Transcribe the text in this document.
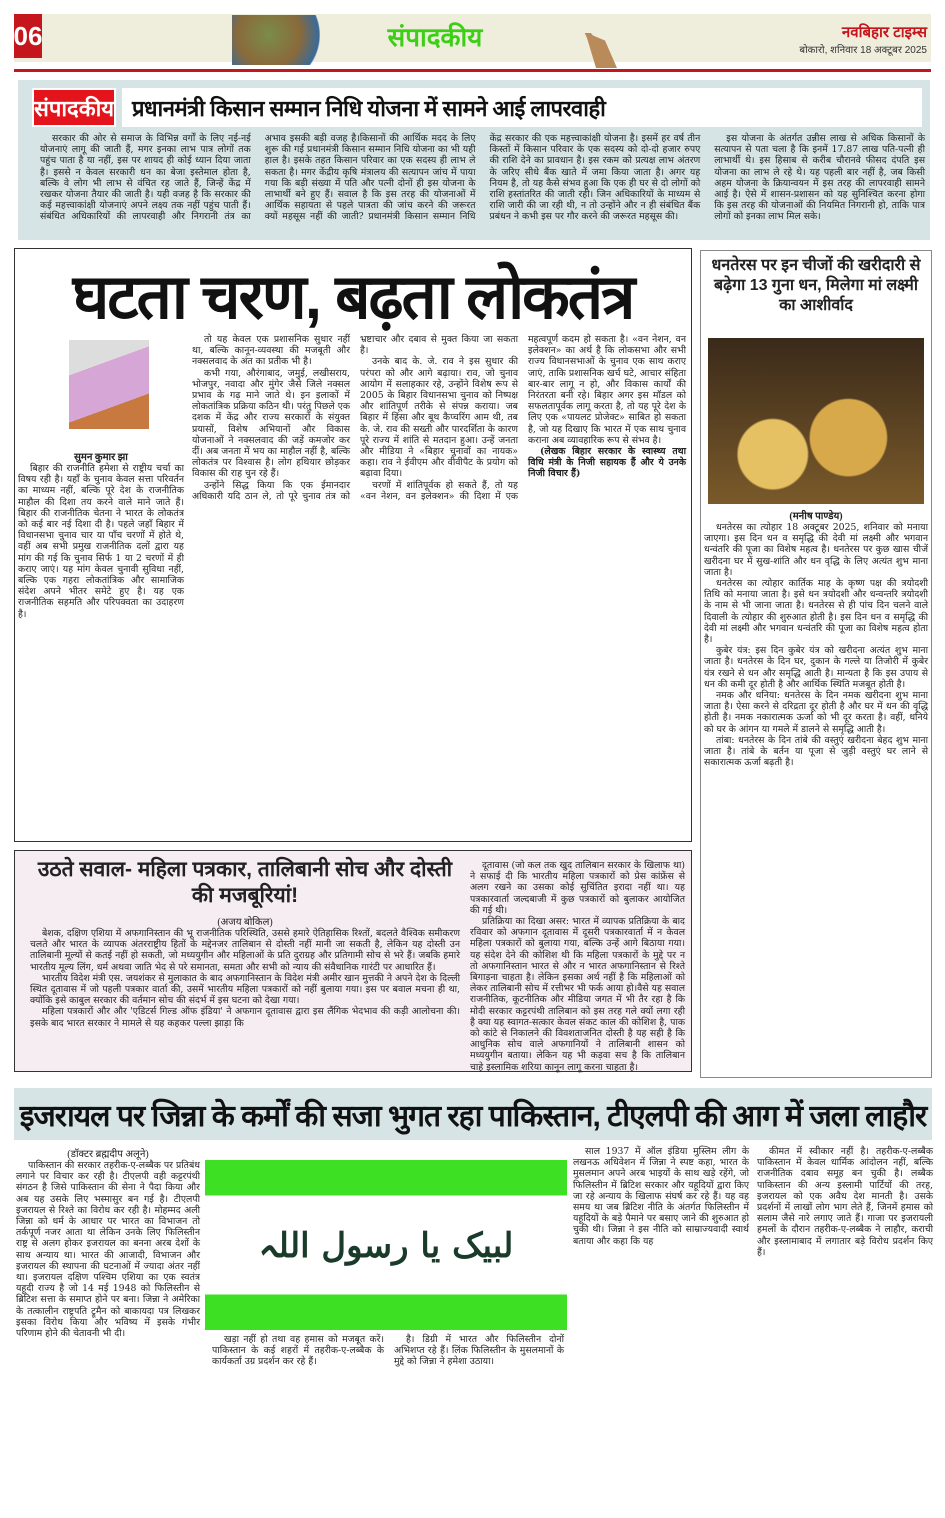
06	संपादकीय	नवबिहार टाइम्स
बोकारो, शनिवार 18 अक्टूबर 2025
संपादकीय प्रधानमंत्री किसान सम्मान निधि योजना में सामने आई लापरवाही

सरकार की ओर से समाज के विभिन्न वर्गों के लिए नई-नई योजनाएं लागू की जाती हैं, मगर इनका लाभ पात्र लोगों तक पहुंच पाता है या नहीं, इस पर शायद ही कोई ध्यान दिया जाता है। इससे न केवल सरकारी धन का बेजा इस्तेमाल होता है, बल्कि वे लोग भी लाभ से वंचित रह जाते हैं, जिन्हें केंद्र में रखकर योजना तैयार की जाती है। यही वजह है कि सरकार की कई महत्त्वाकांक्षी योजनाएं अपने लक्ष्य तक नहीं पहुंच पाती हैं। संबंधित अधिकारियों की लापरवाही और निगरानी तंत्र का अभाव इसकी बड़ी वजह है।किसानों की आर्थिक मदद के लिए शुरू की गई प्रधानमंत्री किसान सम्मान निधि योजना का भी यही हाल है। इसके तहत किसान परिवार का एक सदस्य ही लाभ ले सकता है। मगर केंद्रीय कृषि मंत्रालय की सत्यापन जांच में पाया गया कि बड़ी संख्या में पति और पत्नी दोनों ही इस योजना के लाभार्थी बने हुए हैं। सवाल है कि इस तरह की योजनाओं में आर्थिक सहायता से पहले पात्रता की जांच करने की जरूरत क्यों महसूस नहीं की जाती? प्रधानमंत्री किसान सम्मान निधि केंद्र सरकार की एक महत्त्वाकांक्षी योजना है। इसमें हर वर्ष तीन किस्तों में किसान परिवार के एक सदस्य को दो-दो हजार रुपए की राशि देने का प्रावधान है। इस रकम को प्रत्यक्ष लाभ अंतरण के जरिए सीधे बैंक खाते में जमा किया जाता है। अगर यह नियम है, तो यह कैसे संभव हुआ कि एक ही घर से दो लोगों को राशि हस्तांतरित की जाती रही। जिन अधिकारियों के माध्यम से राशि जारी की जा रही थी, न तो उन्होंने और न ही संबंधित बैंक प्रबंधन ने कभी इस पर गौर करने की जरूरत महसूस की।

इस योजना के अंतर्गत उन्नीस लाख से अधिक किसानों के सत्यापन से पता चला है कि इनमें 17.87 लाख पति-पत्नी ही लाभार्थी थे। इस हिसाब से करीब चौरानवे फीसद दंपति इस योजना का लाभ ले रहे थे। यह पहली बार नहीं है, जब किसी अहम योजना के क्रियान्वयन में इस तरह की लापरवाही सामने आई है। ऐसे में शासन-प्रशासन को यह सुनिश्चित करना होगा कि इस तरह की योजनाओं की नियमित निगरानी हो, ताकि पात्र लोगों को इनका लाभ मिल सके।

घटता चरण, बढ़ता लोकतंत्र
सुमन कुमार झा

बिहार की राजनीति हमेशा से राष्ट्रीय चर्चा का विषय रही है। यहाँ के चुनाव केवल सत्ता परिवर्तन का माध्यम नहीं, बल्कि पूरे देश के राजनीतिक माहौल की दिशा तय करने वाले माने जाते हैं। बिहार की राजनीतिक चेतना ने भारत के लोकतंत्र को कई बार नई दिशा दी है। पहले जहाँ बिहार में विधानसभा चुनाव चार या पाँच चरणों में होते थे, वहीं अब सभी प्रमुख राजनीतिक दलों द्वारा यह मांग की गई कि चुनाव सिर्फ 1 या 2 चरणों में ही कराए जाएं। यह मांग केवल चुनावी सुविधा नहीं, बल्कि एक गहरा लोकतांत्रिक और सामाजिक संदेश अपने भीतर समेटे हुए है। यह एक राजनीतिक सहमति और परिपक्वता का उदाहरण है।

तो यह केवल एक प्रशासनिक सुधार नहीं था, बल्कि कानून-व्यवस्था की मजबूती और नक्सलवाद के अंत का प्रतीक भी है।

कभी गया, औरंगाबाद, जमुई, लखीसराय, भोजपुर, नवादा और मुंगेर जैसे जिले नक्सल प्रभाव के गढ़ माने जाते थे। इन इलाकों में लोकतांत्रिक प्रक्रिया कठिन थी। परंतु पिछले एक दशक में केंद्र और राज्य सरकारों के संयुक्त प्रयासों, विशेष अभियानों और विकास योजनाओं ने नक्सलवाद की जड़ें कमजोर कर दीं। अब जनता में भय का माहौल नहीं है, बल्कि लोकतंत्र पर विश्वास है। लोग हथियार छोड़कर विकास की राह चुन रहे हैं।

उन्होंने सिद्ध किया कि एक ईमानदार अधिकारी यदि ठान ले, तो पूरे चुनाव तंत्र को भ्रष्टाचार और दबाव से मुक्त किया जा सकता है।

उनके बाद के. जे. राव ने इस सुधार की परंपरा को और आगे बढ़ाया। राव, जो चुनाव आयोग में सलाहकार रहे, उन्होंने विशेष रूप से 2005 के बिहार विधानसभा चुनाव को निष्पक्ष और शांतिपूर्ण तरीके से संपन्न कराया। जब बिहार में हिंसा और बूथ कैप्चरिंग आम थी, तब के. जे. राव की सख्ती और पारदर्शिता के कारण पूरे राज्य में शांति से मतदान हुआ। उन्हें जनता और मीडिया ने «बिहार चुनावों का नायक» कहा। राव ने ईवीएम और वीवीपैट के प्रयोग को बढ़ावा दिया।

चरणों में शांतिपूर्वक हो सकते हैं, तो यह «वन नेशन, वन इलेक्शन» की दिशा में एक महत्वपूर्ण कदम हो सकता है। «वन नेशन, वन इलेक्शन» का अर्थ है कि लोकसभा और सभी राज्य विधानसभाओं के चुनाव एक साथ कराए जाएं, ताकि प्रशासनिक खर्च घटे, आचार संहिता बार-बार लागू न हो, और विकास कार्यों की निरंतरता बनी रहे। बिहार अगर इस मॉडल को सफलतापूर्वक लागू करता है, तो यह पूरे देश के लिए एक «पायलट प्रोजेक्ट» साबित हो सकता है, जो यह दिखाए कि भारत में एक साथ चुनाव कराना अब व्यावहारिक रूप से संभव है।

(लेखक बिहार सरकार के स्वास्थ्य तथा विधि मंत्री के निजी सहायक हैं और ये उनके निजी विचार हैं)

धनतेरस पर इन चीजों की खरीदारी से बढ़ेगा 13 गुना धन, मिलेगा मां लक्ष्मी का आशीर्वाद
(मनीष पाण्डेय)

धनतेरस का त्योहार 18 अक्टूबर 2025, शनिवार को मनाया जाएगा। इस दिन धन व समृद्धि की देवी मां लक्ष्मी और भगवान धन्वंतरि की पूजा का विशेष महत्व है। धनतेरस पर कुछ खास चीजें खरीदना घर में सुख-शांति और धन वृद्धि के लिए अत्यंत शुभ माना जाता है।

धनतेरस का त्योहार कार्तिक माह के कृष्ण पक्ष की त्रयोदशी तिथि को मनाया जाता है। इसे धन त्रयोदशी और धन्वन्तरि त्रयोदशी के नाम से भी जाना जाता है। धनतेरस से ही पांच दिन चलने वाले दिवाली के त्योहार की शुरुआत होती है। इस दिन धन व समृद्धि की देवी मां लक्ष्मी और भगवान धन्वंतरि की पूजा का विशेष महत्व होता है।

कुबेर यंत्र: इस दिन कुबेर यंत्र को खरीदना अत्यंत शुभ माना जाता है। धनतेरस के दिन घर, दुकान के गल्ले या तिजोरी में कुबेर यंत्र रखने से धन और समृद्धि आती है। मान्यता है कि इस उपाय से धन की कमी दूर होती है और आर्थिक स्थिति मजबूत होती है।

नमक और धनिया: धनतेरस के दिन नमक खरीदना शुभ माना जाता है। ऐसा करने से दरिद्रता दूर होती है और घर में धन की वृद्धि होती है। नमक नकारात्मक ऊर्जा को भी दूर करता है। वहीं, धनिये को घर के आंगन या गमले में डालने से समृद्धि आती है।

तांबा: धनतेरस के दिन तांबे की वस्तुएं खरीदना बेहद शुभ माना जाता है। तांबे के बर्तन या पूजा से जुड़ी वस्तुएं घर लाने से सकारात्मक ऊर्जा बढ़ती है।

उठते सवाल- महिला पत्रकार, तालिबानी सोच और दोस्ती की मजबूरियां!
(अजय बोकिल)

बेशक, दक्षिण एशिया में अफगानिस्तान की भू राजनीतिक परिस्थिति, उससे हमारे ऐतिहासिक रिश्तों, बदलते वैश्विक समीकरण चलते और भारत के व्यापक अंतरराष्ट्रीय हितों के मद्देनजर तालिबान से दोस्ती नहीं मानी जा सकती है, लेकिन यह दोस्ती उन तालिबानी मूल्यों से कतई नहीं हो सकती, जो मध्ययुगीन और महिलाओं के प्रति दुराग्रह और प्रतिगामी सोच से भरे हैं। जबकि हमारे भारतीय मूल्य लिंग, धर्म अथवा जाति भेद से परे समानता, समता और सभी को न्याय की संवैधानिक गारंटी पर आधारित हैं।

भारतीय विदेश मंत्री एस. जयशंकर से मुलाकात के बाद अफगानिस्तान के विदेश मंत्री अमीर खान मुत्तकी ने अपने देश के दिल्ली स्थित दूतावास में जो पहली पत्रकार वार्ता की, उसमें भारतीय महिला पत्रकारों को नहीं बुलाया गया। इस पर बवाल मचना ही था, क्योंकि इसे काबुल सरकार की वर्तमान सोच की संदर्भ में इस घटना को देखा गया।

महिला पत्रकारों और और 'एडिटर्स गिल्ड ऑफ इंडिया' ने अफगान दूतावास द्वारा इस लैंगिक भेदभाव की कड़ी आलोचना की। इसके बाद भारत सरकार ने मामले से यह कहकर पल्ला झाड़ा कि

दूतावास (जो कल तक खुद तालिबान सरकार के खिलाफ था) ने सफाई दी कि भारतीय महिला पत्रकारों को प्रेस कांफ्रेंस से अलग रखने का उसका कोई सुचिंतित इरादा नहीं था। यह पत्रकारवार्ता जल्दबाजी में कुछ पत्रकारों को बुलाकर आयोजित की गई थी।

प्रतिक्रिया का दिखा असर: भारत में व्यापक प्रतिक्रिया के बाद रविवार को अफगान दूतावास में दूसरी पत्रकारवार्ता में न केवल महिला पत्रकारों को बुलाया गया, बल्कि उन्हें आगे बिठाया गया। यह संदेश देने की कोशिश थी कि महिला पत्रकारों के मुद्दे पर न तो अफगानिस्तान भारत से और न भारत अफगानिस्तान से रिश्ते बिगाड़ना चाहता है। लेकिन इसका अर्थ नहीं है कि महिलाओं को लेकर तालिबानी सोच में रत्तीभर भी फर्क आया हो।वैसे यह सवाल राजनीतिक, कूटनीतिक और मीडिया जगत में भी तैर रहा है कि मोदी सरकार कट्टरपंथी तालिबान को इस तरह गले क्यों लगा रही है क्या यह स्वागत-सत्कार केवल संकट काल की कोशिश है, पाक को कांटे से निकालने की विवशताजनित दोस्ती है यह सही है कि आधुनिक सोच वाले अफगानियों ने तालिबानी शासन को मध्ययुगीन बताया। लेकिन यह भी कड़वा सच है कि तालिबान चाहे इस्लामिक शरिया कानून लागू करना चाहता है।

इजरायल पर जिन्ना के कर्मों की सजा भुगत रहा पाकिस्तान, टीएलपी की आग में जला लाहौर
(डॉक्टर ब्रह्मदीप अलूने)

पाकिस्तान की सरकार तहरीक-ए-लब्बैक पर प्रतिबंध लगाने पर विचार कर रही है। टीएलपी वही कट्टरपंथी संगठन है जिसे पाकिस्तान की सेना ने पैदा किया और अब यह उसके लिए भस्मासुर बन गई है। टीएलपी इजरायल से रिश्ते का विरोध कर रही है। मोहम्मद अली जिन्ना को धर्म के आधार पर भारत का विभाजन तो तर्कपूर्ण नजर आता था लेकिन उनके लिए फिलिस्तीन राष्ट्र से अलग होकर इजरायल का बनना अरब देशों के साथ अन्याय था। भारत की आजादी, विभाजन और इजरायल की स्थापना की घटनाओं में ज्यादा अंतर नहीं था। इजरायल दक्षिण पश्चिम एशिया का एक स्वतंत्र यहूदी राज्य है जो 14 मई 1948 को फिलिस्तीन से ब्रिटिश सत्ता के समाप्त होने पर बना। जिन्ना ने अमेरिका के तत्कालीन राष्ट्रपति ट्रूमैन को बाकायदा पत्र लिखकर इसका विरोध किया और भविष्य में इसके गंभीर परिणाम होने की चेतावनी भी दी।

لبیک یا رسول اللہ

खड़ा नहीं हो तथा वह हमास को मजबूत करें। पाकिस्तान के कई शहरों में तहरीक-ए-लब्बैक के कार्यकर्ता उग्र प्रदर्शन कर रहे हैं।

है। डिग्री में भारत और फिलिस्तीन दोनों अभिशप्त रहे हैं। लिंक फिलिस्तीन के मुसलमानों के मुद्दे को जिन्ना ने हमेशा उठाया।

साल 1937 में ऑल इंडिया मुस्लिम लीग के लखनऊ अधिवेशन में जिन्ना ने स्पष्ट कहा, भारत के मुसलमान अपने अरब भाइयों के साथ खड़े रहेंगे, जो फिलिस्तीन में ब्रिटिश सरकार और यहूदियों द्वारा किए जा रहे अन्याय के खिलाफ संघर्ष कर रहे हैं। यह वह समय था जब ब्रिटिश नीति के अंतर्गत फिलिस्तीन में यहूदियों के बड़े पैमाने पर बसाए जाने की शुरुआत हो चुकी थी। जिन्ना ने इस नीति को साम्राज्यवादी स्वार्थ बताया और कहा कि यह

कीमत में स्वीकार नहीं है। तहरीक-ए-लब्बैक पाकिस्तान में केवल धार्मिक आंदोलन नहीं, बल्कि राजनीतिक दबाव समूह बन चुकी है। लब्बैक पाकिस्तान की अन्य इस्लामी पार्टियों की तरह, इजरायल को एक अवैध देश मानती है। उसके प्रदर्शनों में लाखों लोग भाग लेते हैं, जिनमें हमास को सलाम जैसे नारे लगाए जाते हैं। गाजा पर इजरायली हमलों के दौरान तहरीक-ए-लब्बैक ने लाहौर, कराची और इस्लामाबाद में लगातार बड़े विरोध प्रदर्शन किए हैं।
